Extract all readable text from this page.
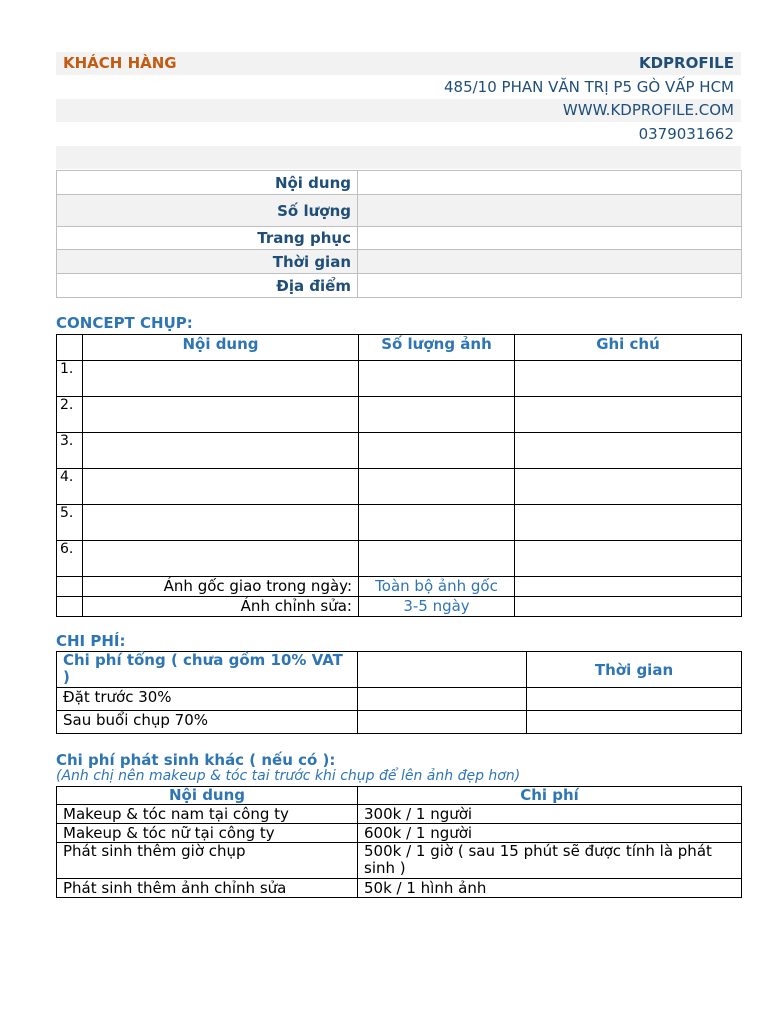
KHÁCH HÀNG	KDPROFILE
485/10 PHAN VĂN TRỊ P5 GÒ VẤP HCM
WWW.KDPROFILE.COM
0379031662
Nội dung	
Số lượng	
Trang phục	
Thời gian	
Địa điểm	
CONCEPT CHỤP:
	Nội dung	Số lượng ảnh	Ghi chú
1.			
2.			
3.			
4.			
5.			
6.			
	Ảnh gốc giao trong ngày:	Toàn bộ ảnh gốc	
	Ảnh chỉnh sửa:	3-5 ngày	
CHI PHÍ:
Chi phí tổng ( chưa gồm 10% VAT )		Thời gian
Đặt trước 30%		
Sau buổi chụp 70%		
Chi phí phát sinh khác ( nếu có ):
(Anh chị nên makeup & tóc tai trước khi chụp để lên ảnh đẹp hơn)
Nội dung	Chi phí
Makeup & tóc nam tại công ty	300k / 1 người
Makeup & tóc nữ tại công ty	600k / 1 người
Phát sinh thêm giờ chụp	500k / 1 giờ ( sau 15 phút sẽ được tính là phát sinh )
Phát sinh thêm ảnh chỉnh sửa	50k / 1 hình ảnh
